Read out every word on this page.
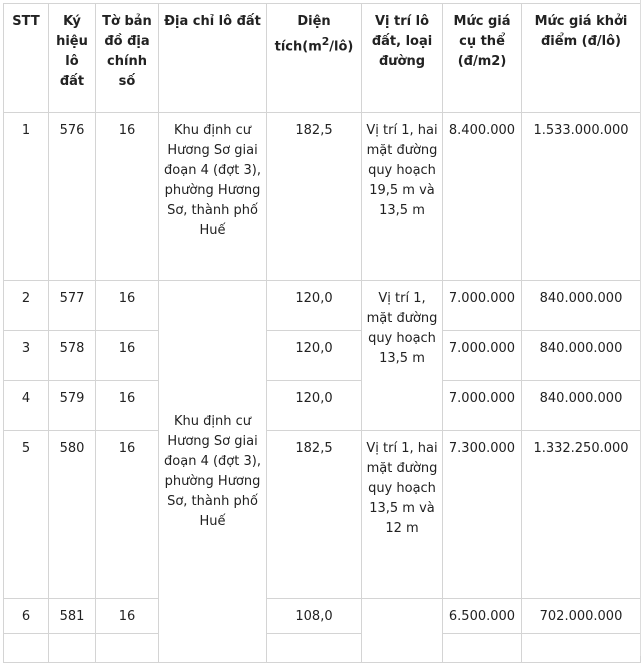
STT	Ký hiệu lô đất	Tờ bản đồ địa chính số	Địa chỉ lô đất	Diện $tích(m^2/lô)$	Vị trí lô đất, loại đường	Mức giá cụ thể (đ/m2)	Mức giá khởi điểm (đ/lô)
1	576	16	Khu định cư Hương Sơ giai đoạn 4 (đợt 3), phường Hương Sơ, thành phố Huế	182,5	Vị trí 1, hai mặt đường quy hoạch 19,5 m và 13,5 m	8.400.000	1.533.000.000
2	577	16	Khu định cư Hương Sơ giai đoạn 4 (đợt 3), phường Hương Sơ, thành phố Huế	120,0	Vị trí 1, mặt đường quy hoạch 13,5 m	7.000.000	840.000.000
3	578	16		120,0		7.000.000	840.000.000
4	579	16		120,0		7.000.000	840.000.000
5	580	16		182,5	Vị trí 1, hai mặt đường quy hoạch 13,5 m và 12 m	7.300.000	1.332.250.000
6	581	16		108,0		6.500.000	702.000.000
